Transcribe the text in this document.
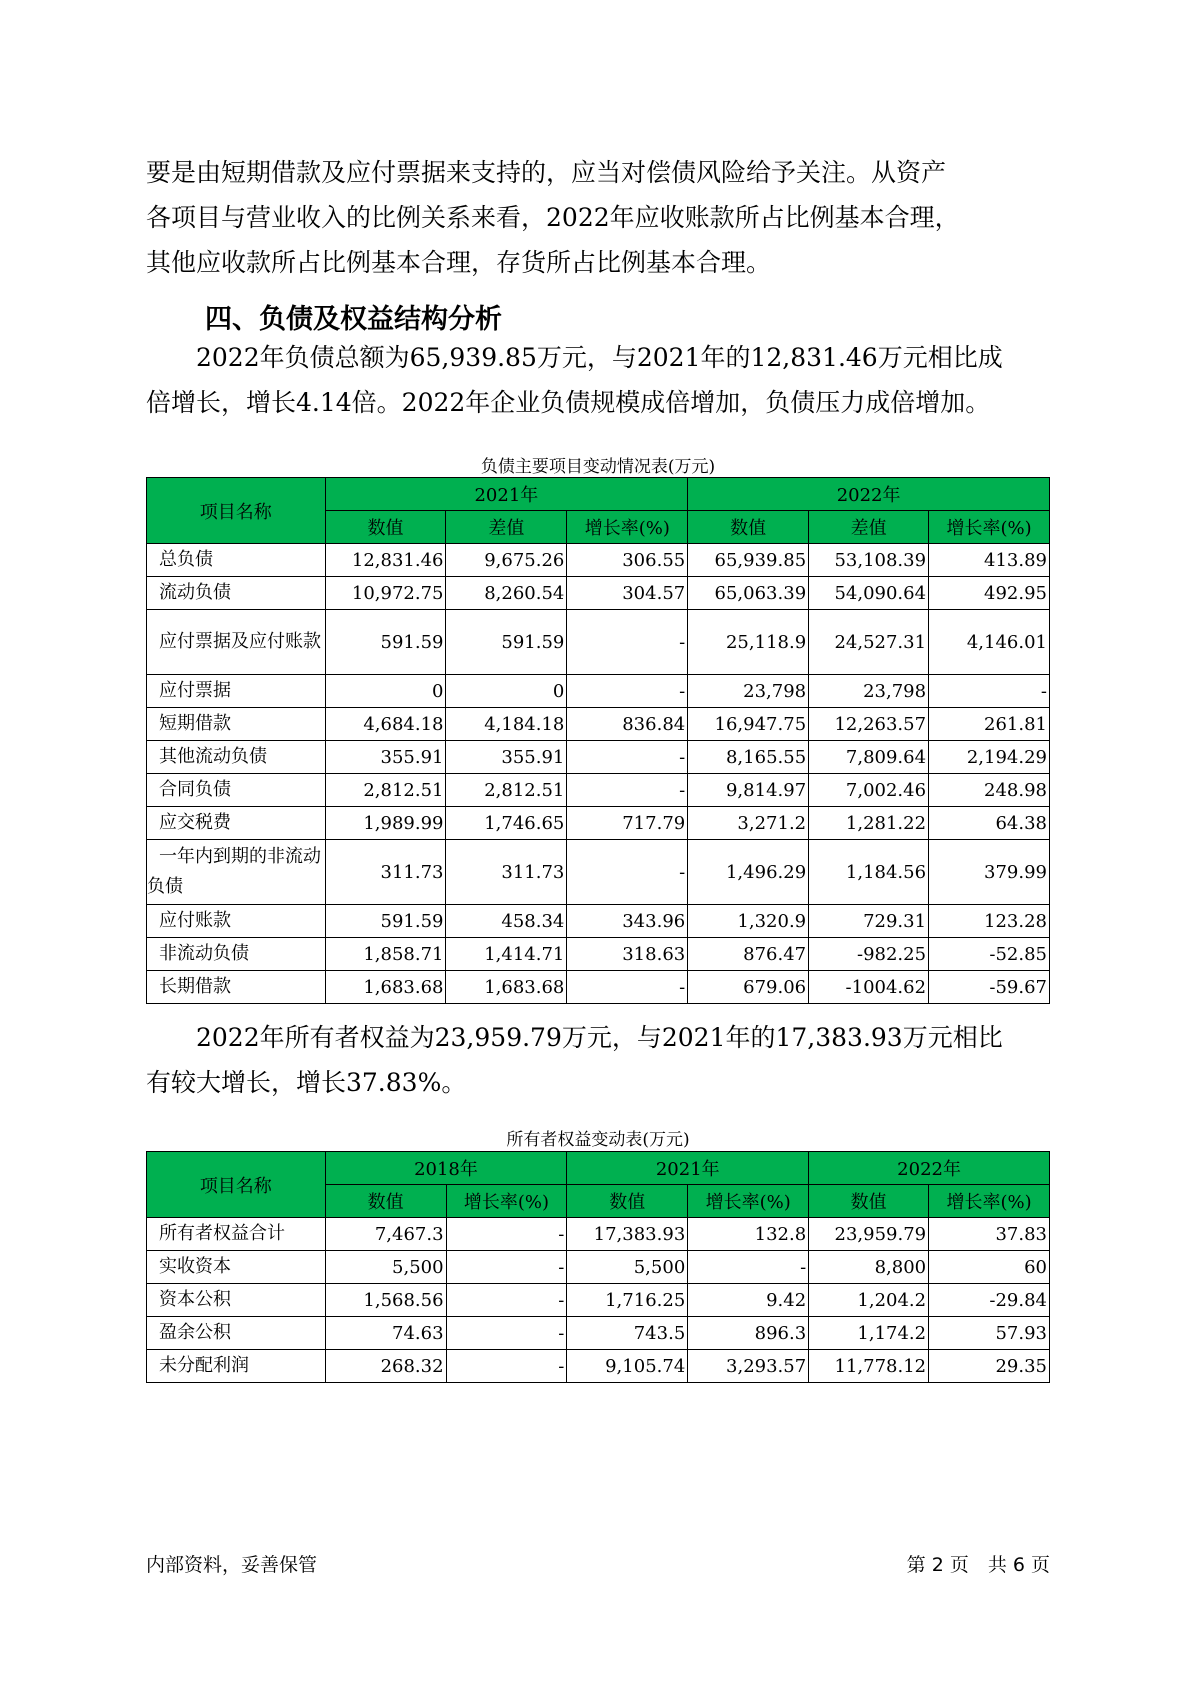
要是由短期借款及应付票据来支持的，应当对偿债风险给予关注。从资产

各项目与营业收入的比例关系来看，2022年应收账款所占比例基本合理，

其他应收款所占比例基本合理，存货所占比例基本合理。

四、负债及权益结构分析

　　2022年负债总额为65,939.85万元，与2021年的12,831.46万元相比成

倍增长，增长4.14倍。2022年企业负债规模成倍增加，负债压力成倍增加。

负债主要项目变动情况表(万元)
项目名称	2021年			2022年		
	数值	差值	增长率(%)	数值	差值	增长率(%)
总负债	12,831.46	9,675.26	306.55	65,939.85	53,108.39	413.89
流动负债	10,972.75	8,260.54	304.57	65,063.39	54,090.64	492.95
应付票据及应付账款	591.59	591.59	-	25,118.9	24,527.31	4,146.01
应付票据	0	0	-	23,798	23,798	-
短期借款	4,684.18	4,184.18	836.84	16,947.75	12,263.57	261.81
其他流动负债	355.91	355.91	-	8,165.55	7,809.64	2,194.29
合同负债	2,812.51	2,812.51	-	9,814.97	7,002.46	248.98
应交税费	1,989.99	1,746.65	717.79	3,271.2	1,281.22	64.38
一年内到期的非流动负债	311.73	311.73	-	1,496.29	1,184.56	379.99
应付账款	591.59	458.34	343.96	1,320.9	729.31	123.28
非流动负债	1,858.71	1,414.71	318.63	876.47	-982.25	-52.85
长期借款	1,683.68	1,683.68	-	679.06	-1004.62	-59.67

　　2022年所有者权益为23,959.79万元，与2021年的17,383.93万元相比

有较大增长，增长37.83%。

所有者权益变动表(万元)
项目名称	2018年		2021年		2022年	
	数值	增长率(%)	数值	增长率(%)	数值	增长率(%)
所有者权益合计	7,467.3	-	17,383.93	132.8	23,959.79	37.83
实收资本	5,500	-	5,500	-	8,800	60
资本公积	1,568.56	-	1,716.25	9.42	1,204.2	-29.84
盈余公积	74.63	-	743.5	896.3	1,174.2	57.93
未分配利润	268.32	-	9,105.74	3,293.57	11,778.12	29.35
内部资料，妥善保管	第 2 页　共 6 页
